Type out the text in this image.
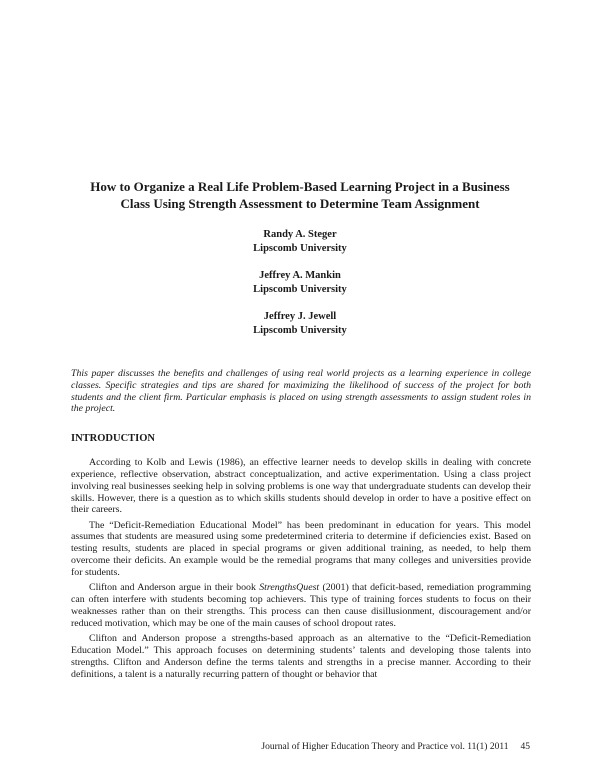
How to Organize a Real Life Problem-Based Learning Project in a Business
Class Using Strength Assessment to Determine Team Assignment
Randy A. Steger
Lipscomb University
Jeffrey A. Mankin
Lipscomb University
Jeffrey J. Jewell
Lipscomb University
This paper discusses the benefits and challenges of using real world projects as a learning experience in college classes. Specific strategies and tips are shared for maximizing the likelihood of success of the project for both students and the client firm. Particular emphasis is placed on using strength assessments to assign student roles in the project.
INTRODUCTION

According to Kolb and Lewis (1986), an effective learner needs to develop skills in dealing with concrete experience, reflective observation, abstract conceptualization, and active experimentation. Using a class project involving real businesses seeking help in solving problems is one way that undergraduate students can develop their skills. However, there is a question as to which skills students should develop in order to have a positive effect on their careers.

The “Deficit-Remediation Educational Model” has been predominant in education for years. This model assumes that students are measured using some predetermined criteria to determine if deficiencies exist. Based on testing results, students are placed in special programs or given additional training, as needed, to help them overcome their deficits. An example would be the remedial programs that many colleges and universities provide for students.

Clifton and Anderson argue in their book StrengthsQuest (2001) that deficit-based, remediation programming can often interfere with students becoming top achievers. This type of training forces students to focus on their weaknesses rather than on their strengths. This process can then cause disillusionment, discouragement and/or reduced motivation, which may be one of the main causes of school dropout rates.

Clifton and Anderson propose a strengths-based approach as an alternative to the “Deficit-Remediation Education Model.” This approach focuses on determining students’ talents and developing those talents into strengths. Clifton and Anderson define the terms talents and strengths in a precise manner. According to their definitions, a talent is a naturally recurring pattern of thought or behavior that

Journal of Higher Education Theory and Practice vol. 11(1) 2011 45
